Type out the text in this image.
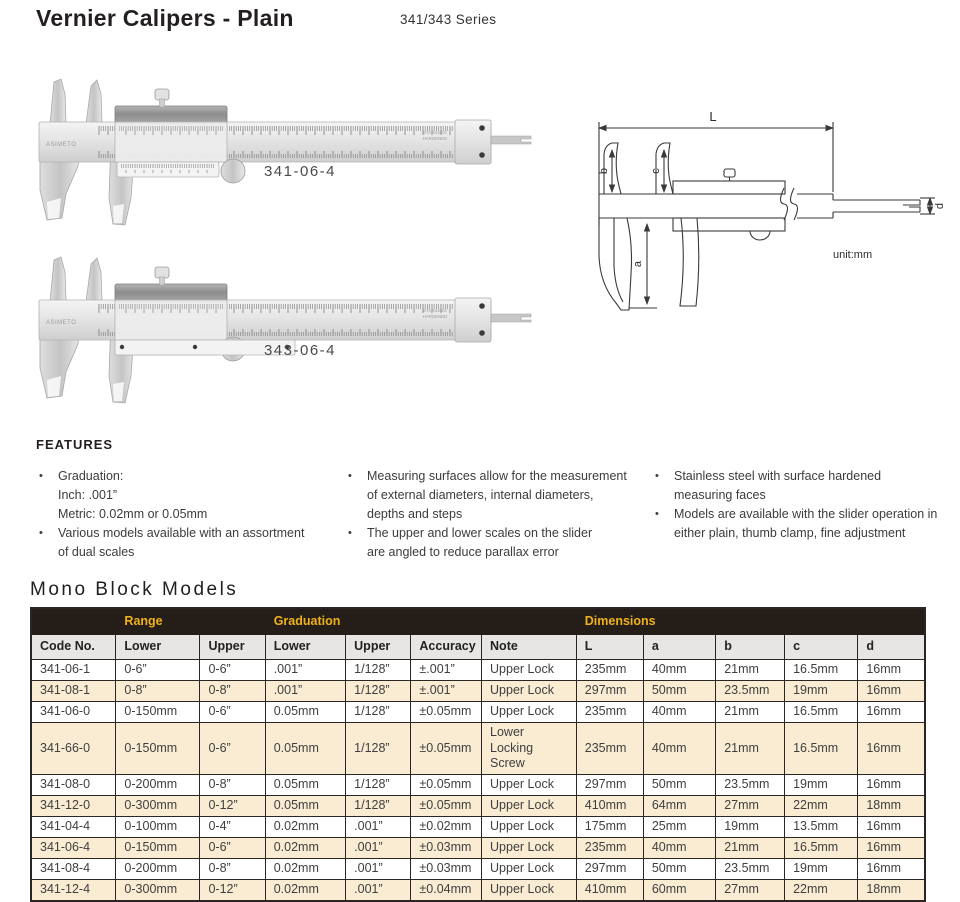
Vernier Calipers - Plain	341/343 Series
341-06-4
343-06-4
L
b	c
d
a
unit:mm
FEATURES
• Graduation:
Inch: .001”
Metric: 0.02mm or 0.05mm
• Various models available with an assortment
of dual scales
• Measuring surfaces allow for the measurement
of external diameters, internal diameters,
depths and steps
• The upper and lower scales on the slider
are angled to reduce parallax error
• Stainless steel with surface hardened
measuring faces
• Models are available with the slider operation in
either plain, thumb clamp, fine adjustment
Mono Block Models
	Range		Graduation				Dimensions				
Code No.	Lower	Upper	Lower	Upper	Accuracy	Note	L	a	b	c	d
341-06-1	0-6”	0-6”	.001”	1/128”	±.001”	Upper Lock	235mm	40mm	21mm	16.5mm	16mm
341-08-1	0-8”	0-8”	.001”	1/128”	±.001”	Upper Lock	297mm	50mm	23.5mm	19mm	16mm
341-06-0	0-150mm	0-6”	0.05mm	1/128”	±0.05mm	Upper Lock	235mm	40mm	21mm	16.5mm	16mm
341-66-0	0-150mm	0-6”	0.05mm	1/128”	±0.05mm	Lower
Locking Screw	235mm	40mm	21mm	16.5mm	16mm
341-08-0	0-200mm	0-8”	0.05mm	1/128”	±0.05mm	Upper Lock	297mm	50mm	23.5mm	19mm	16mm
341-12-0	0-300mm	0-12”	0.05mm	1/128”	±0.05mm	Upper Lock	410mm	64mm	27mm	22mm	18mm
341-04-4	0-100mm	0-4”	0.02mm	.001”	±0.02mm	Upper Lock	175mm	25mm	19mm	13.5mm	16mm
341-06-4	0-150mm	0-6”	0.02mm	.001”	±0.03mm	Upper Lock	235mm	40mm	21mm	16.5mm	16mm
341-08-4	0-200mm	0-8”	0.02mm	.001”	±0.03mm	Upper Lock	297mm	50mm	23.5mm	19mm	16mm
341-12-4	0-300mm	0-12”	0.02mm	.001”	±0.04mm	Upper Lock	410mm	60mm	27mm	22mm	18mm
